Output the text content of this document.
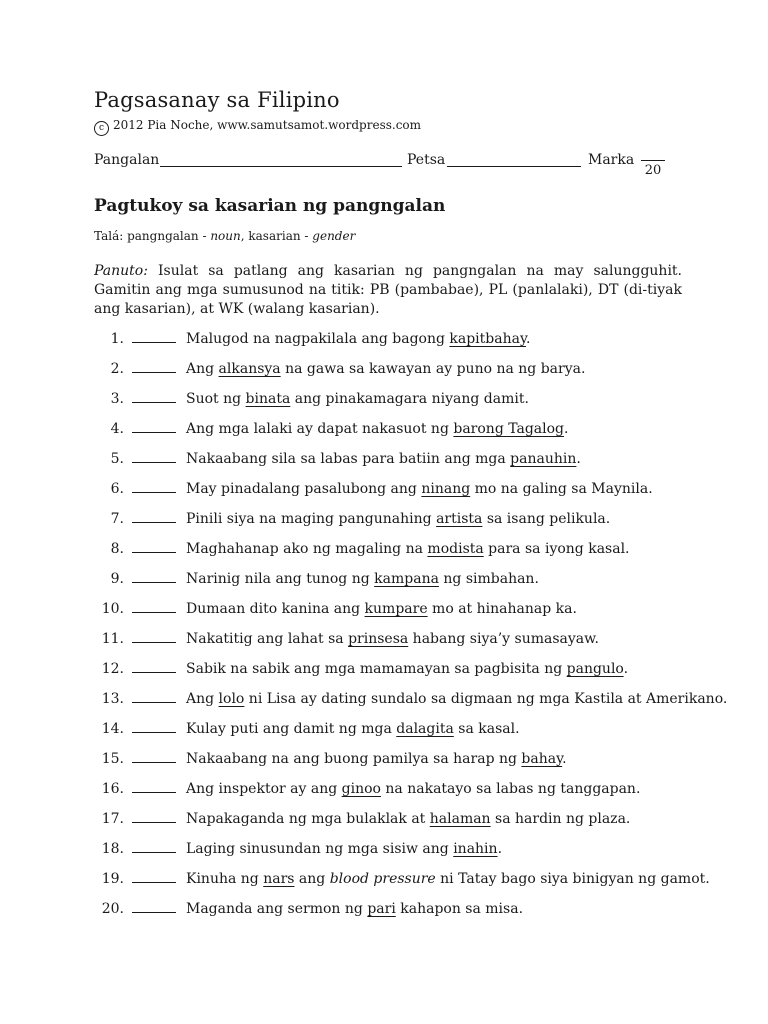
Pagsasanay sa Filipino
c 2012 Pia Noche, www.samutsamot.wordpress.com
Pangalan	Petsa	Marka
20
Pagtukoy sa kasarian ng pangngalan
Talá: pangngalan - noun, kasarian - gender
Panuto: Isulat sa patlang ang kasarian ng pangngalan na may salungguhit. Gamitin ang mga sumusunod na titik: PB (pambabae), PL (panlalaki), DT (di-tiyak ang kasarian), at WK (walang kasarian).
1.	Malugod na nagpakilala ang bagong kapitbahay.
2.	Ang alkansya na gawa sa kawayan ay puno na ng barya.
3.	Suot ng binata ang pinakamagara niyang damit.
4.	Ang mga lalaki ay dapat nakasuot ng barong Tagalog.
5.	Nakaabang sila sa labas para batiin ang mga panauhin.
6.	May pinadalang pasalubong ang ninang mo na galing sa Maynila.
7.	Pinili siya na maging pangunahing artista sa isang pelikula.
8.	Maghahanap ako ng magaling na modista para sa iyong kasal.
9.	Narinig nila ang tunog ng kampana ng simbahan.
10.	Dumaan dito kanina ang kumpare mo at hinahanap ka.
11.	Nakatitig ang lahat sa prinsesa habang siya’y sumasayaw.
12.	Sabik na sabik ang mga mamamayan sa pagbisita ng pangulo.
13.	Ang lolo ni Lisa ay dating sundalo sa digmaan ng mga Kastila at Amerikano.
14.	Kulay puti ang damit ng mga dalagita sa kasal.
15.	Nakaabang na ang buong pamilya sa harap ng bahay.
16.	Ang inspektor ay ang ginoo na nakatayo sa labas ng tanggapan.
17.	Napakaganda ng mga bulaklak at halaman sa hardin ng plaza.
18.	Laging sinusundan ng mga sisiw ang inahin.
19.	Kinuha ng nars ang blood pressure ni Tatay bago siya binigyan ng gamot.
20.	Maganda ang sermon ng pari kahapon sa misa.
